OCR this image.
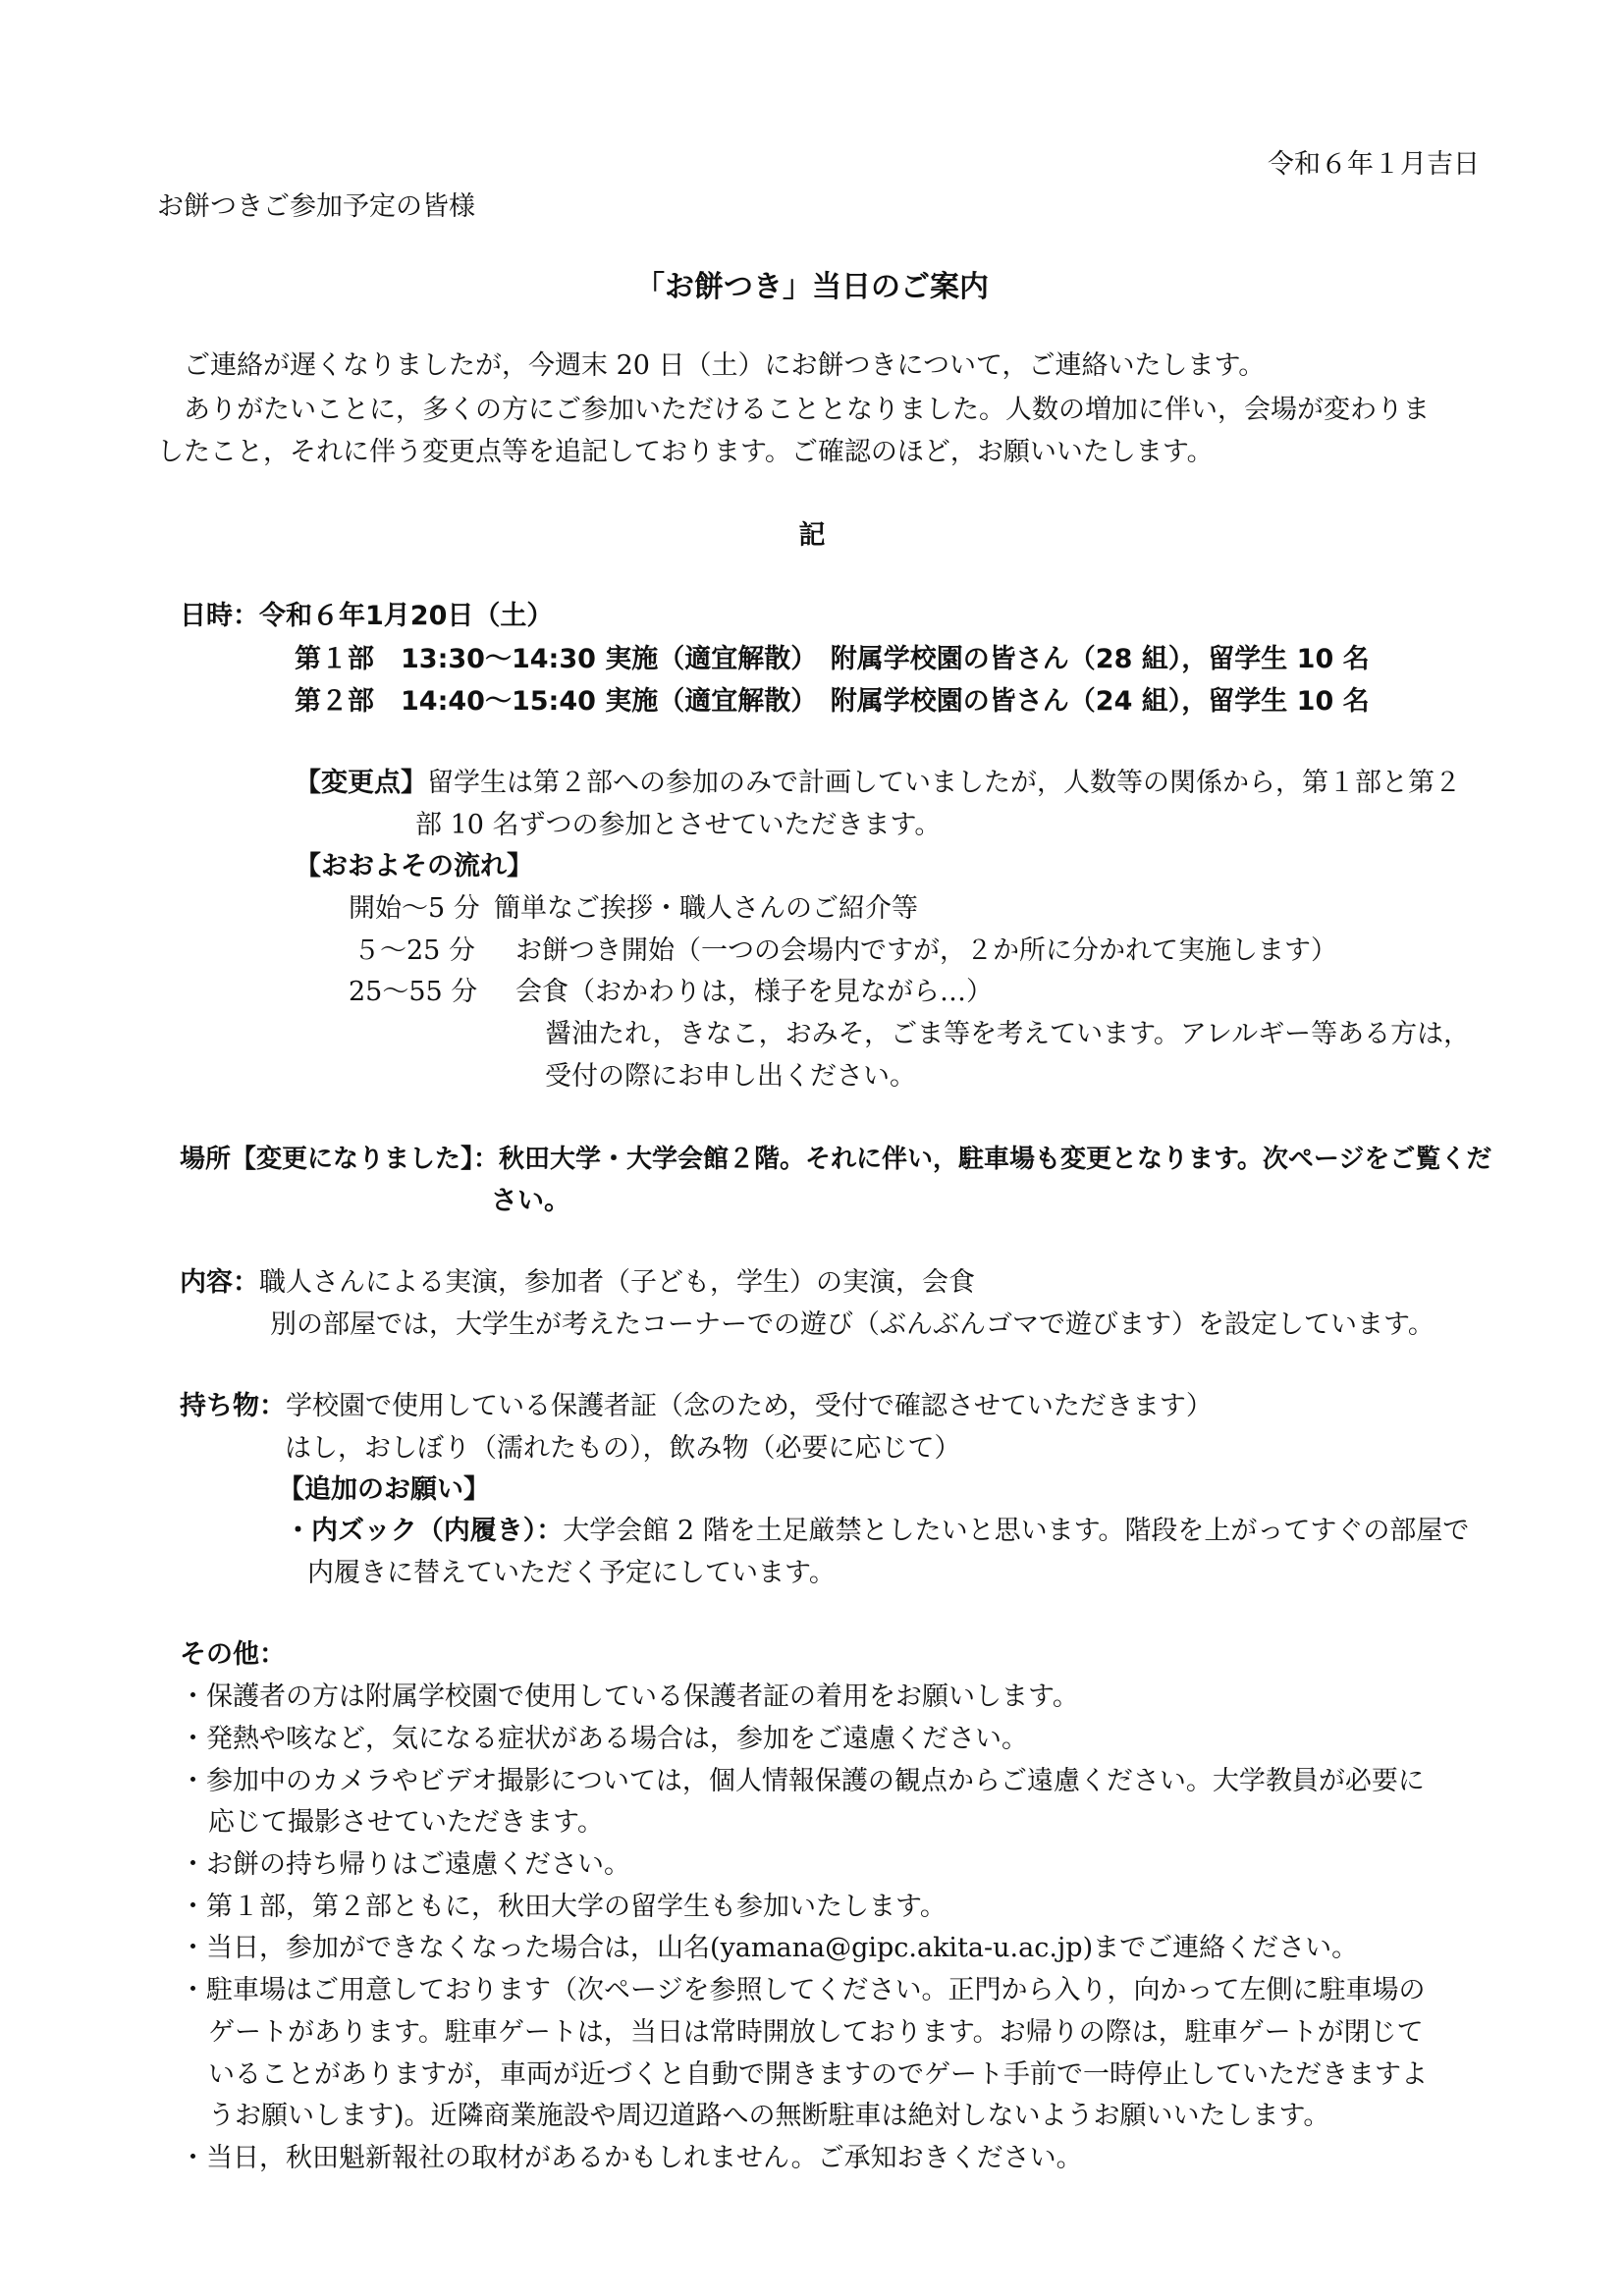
令和６年１月吉日
お餅つきご参加予定の皆様
「お餅つき」当日のご案内
ご連絡が遅くなりましたが，今週末 20 日（土）にお餅つきについて，ご連絡いたします。
ありがたいことに，多くの方にご参加いただけることとなりました。人数の増加に伴い，会場が変わりま
したこと，それに伴う変更点等を追記しております。ご確認のほど，お願いいたします。
記
日時：令和６年1月20日（土）
第１部　13:30～14:30 実施（適宜解散）　附属学校園の皆さん（28 組），留学生 10 名
第２部　14:40～15:40 実施（適宜解散）　附属学校園の皆さん（24 組），留学生 10 名
【変更点】留学生は第２部への参加のみで計画していましたが，人数等の関係から，第１部と第２
部 10 名ずつの参加とさせていただきます。
【おおよその流れ】
開始～5 分 簡単なご挨拶・職人さんのご紹介等
５～25 分 お餅つき開始（一つの会場内ですが，２か所に分かれて実施します）
25～55 分 会食（おかわりは，様子を見ながら…）
醤油たれ，きなこ，おみそ，ごま等を考えています。アレルギー等ある方は，
受付の際にお申し出ください。
場所【変更になりました】：秋田大学・大学会館２階。それに伴い，駐車場も変更となります。次ページをご覧くだ
さい。
内容：職人さんによる実演，参加者（子ども，学生）の実演，会食
別の部屋では，大学生が考えたコーナーでの遊び（ぶんぶんゴマで遊びます）を設定しています。
持ち物：学校園で使用している保護者証（念のため，受付で確認させていただきます）
はし，おしぼり（濡れたもの），飲み物（必要に応じて）
【追加のお願い】
・内ズック（内履き）：大学会館 2 階を土足厳禁としたいと思います。階段を上がってすぐの部屋で
内履きに替えていただく予定にしています。
その他：
・保護者の方は附属学校園で使用している保護者証の着用をお願いします。
・発熱や咳など，気になる症状がある場合は，参加をご遠慮ください。
・参加中のカメラやビデオ撮影については，個人情報保護の観点からご遠慮ください。大学教員が必要に
応じて撮影させていただきます。
・お餅の持ち帰りはご遠慮ください。
・第１部，第２部ともに，秋田大学の留学生も参加いたします。
・当日，参加ができなくなった場合は，山名(yamana@gipc.akita-u.ac.jp)までご連絡ください。
・駐車場はご用意しております（次ページを参照してください。正門から入り，向かって左側に駐車場の
ゲートがあります。駐車ゲートは，当日は常時開放しております。お帰りの際は，駐車ゲートが閉じて
いることがありますが，車両が近づくと自動で開きますのでゲート手前で一時停止していただきますよ
うお願いします)。近隣商業施設や周辺道路への無断駐車は絶対しないようお願いいたします。
・当日，秋田魁新報社の取材があるかもしれません。ご承知おきください。
